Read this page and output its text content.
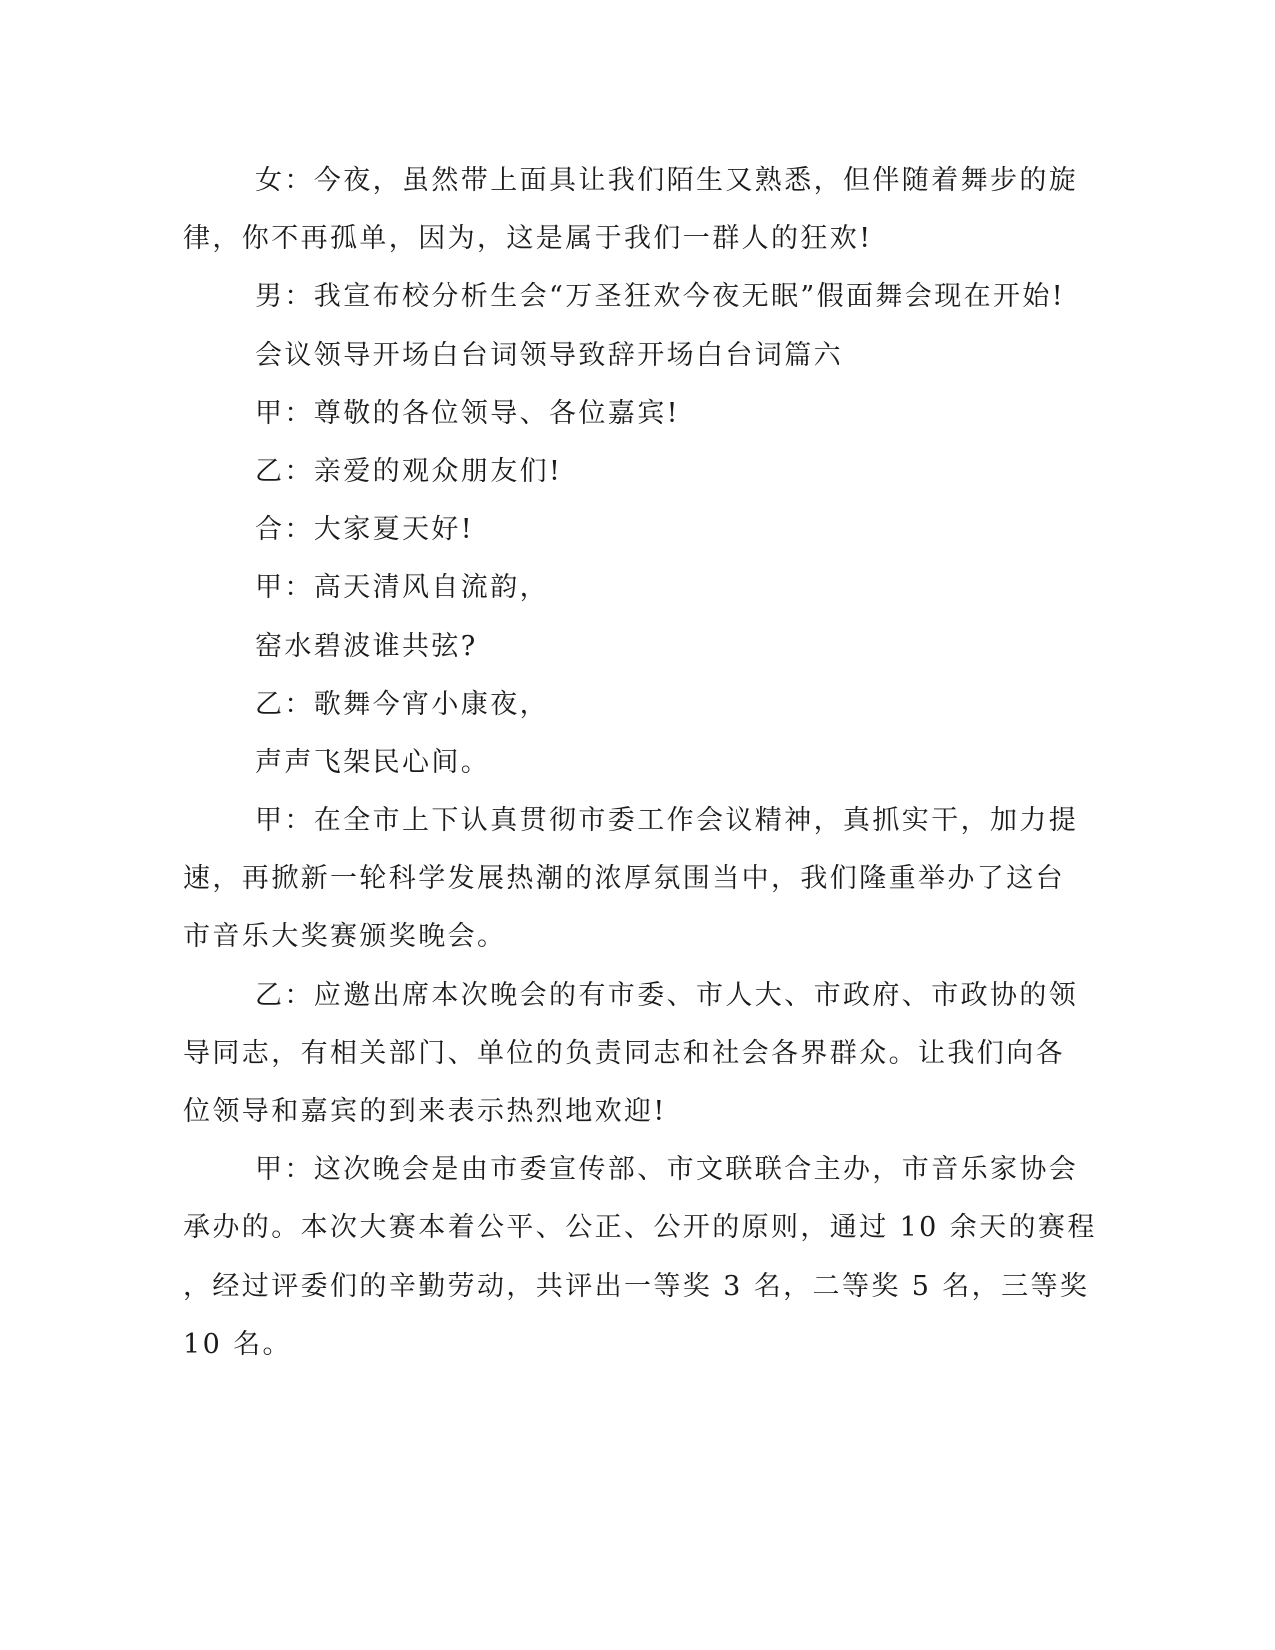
女：今夜，虽然带上面具让我们陌生又熟悉，但伴随着舞步的旋

律，你不再孤单，因为，这是属于我们一群人的狂欢!

男：我宣布校分析生会“万圣狂欢今夜无眠”假面舞会现在开始!

会议领导开场白台词领导致辞开场白台词篇六

甲：尊敬的各位领导、各位嘉宾!

乙：亲爱的观众朋友们!

合：大家夏天好!

甲：高天清风自流韵，

窑水碧波谁共弦?

乙：歌舞今宵小康夜，

声声飞架民心间。

甲：在全市上下认真贯彻市委工作会议精神，真抓实干，加力提

速，再掀新一轮科学发展热潮的浓厚氛围当中，我们隆重举办了这台

市音乐大奖赛颁奖晚会。

乙：应邀出席本次晚会的有市委、市人大、市政府、市政协的领

导同志，有相关部门、单位的负责同志和社会各界群众。让我们向各

位领导和嘉宾的到来表示热烈地欢迎!

甲：这次晚会是由市委宣传部、市文联联合主办，市音乐家协会

承办的。本次大赛本着公平、公正、公开的原则，通过 10 余天的赛程

，经过评委们的辛勤劳动，共评出一等奖 3 名，二等奖 5 名，三等奖

10 名。
